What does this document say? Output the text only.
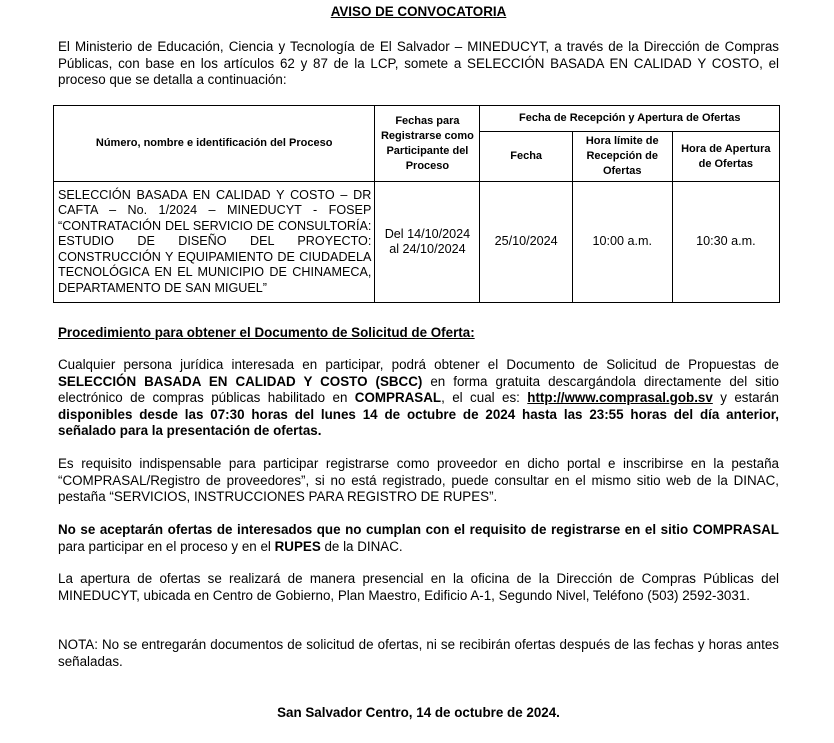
AVISO DE CONVOCATORIA

El Ministerio de Educación, Ciencia y Tecnología de El Salvador – MINEDUCYT, a través de la Dirección de Compras Públicas, con base en los artículos 62 y 87 de la LCP, somete a SELECCIÓN BASADA EN CALIDAD Y COSTO, el proceso que se detalla a continuación:

Número, nombre e identificación del Proceso	Fechas para Registrarse como Participante del Proceso	Fecha de Recepción y Apertura de Ofertas		
		Fecha	Hora límite de Recepción de Ofertas	Hora de Apertura de Ofertas
SELECCIÓN BASADA EN CALIDAD Y COSTO – DR CAFTA – No. 1/2024 – MINEDUCYT - FOSEP “CONTRATACIÓN DEL SERVICIO DE CONSULTORÍA: ESTUDIO DE DISEÑO DEL PROYECTO: CONSTRUCCIÓN Y EQUIPAMIENTO DE CIUDADELA TECNOLÓGICA EN EL MUNICIPIO DE CHINAMECA, DEPARTAMENTO DE SAN MIGUEL”	Del 14/10/2024 al 24/10/2024	25/10/2024	10:00 a.m.	10:30 a.m.

Procedimiento para obtener el Documento de Solicitud de Oferta:

Cualquier persona jurídica interesada en participar, podrá obtener el Documento de Solicitud de Propuestas de SELECCIÓN BASADA EN CALIDAD Y COSTO (SBCC) en forma gratuita descargándola directamente del sitio electrónico de compras públicas habilitado en COMPRASAL, el cual es: http://www.comprasal.gob.sv y estarán disponibles desde las 07:30 horas del lunes 14 de octubre de 2024 hasta las 23:55 horas del día anterior, señalado para la presentación de ofertas.

Es requisito indispensable para participar registrarse como proveedor en dicho portal e inscribirse en la pestaña “COMPRASAL/Registro de proveedores”, si no está registrado, puede consultar en el mismo sitio web de la DINAC, pestaña “SERVICIOS, INSTRUCCIONES PARA REGISTRO DE RUPES”.

No se aceptarán ofertas de interesados que no cumplan con el requisito de registrarse en el sitio COMPRASAL para participar en el proceso y en el RUPES de la DINAC.

La apertura de ofertas se realizará de manera presencial en la oficina de la Dirección de Compras Públicas del MINEDUCYT, ubicada en Centro de Gobierno, Plan Maestro, Edificio A-1, Segundo Nivel, Teléfono (503) 2592-3031.

NOTA: No se entregarán documentos de solicitud de ofertas, ni se recibirán ofertas después de las fechas y horas antes señaladas.

San Salvador Centro, 14 de octubre de 2024.
